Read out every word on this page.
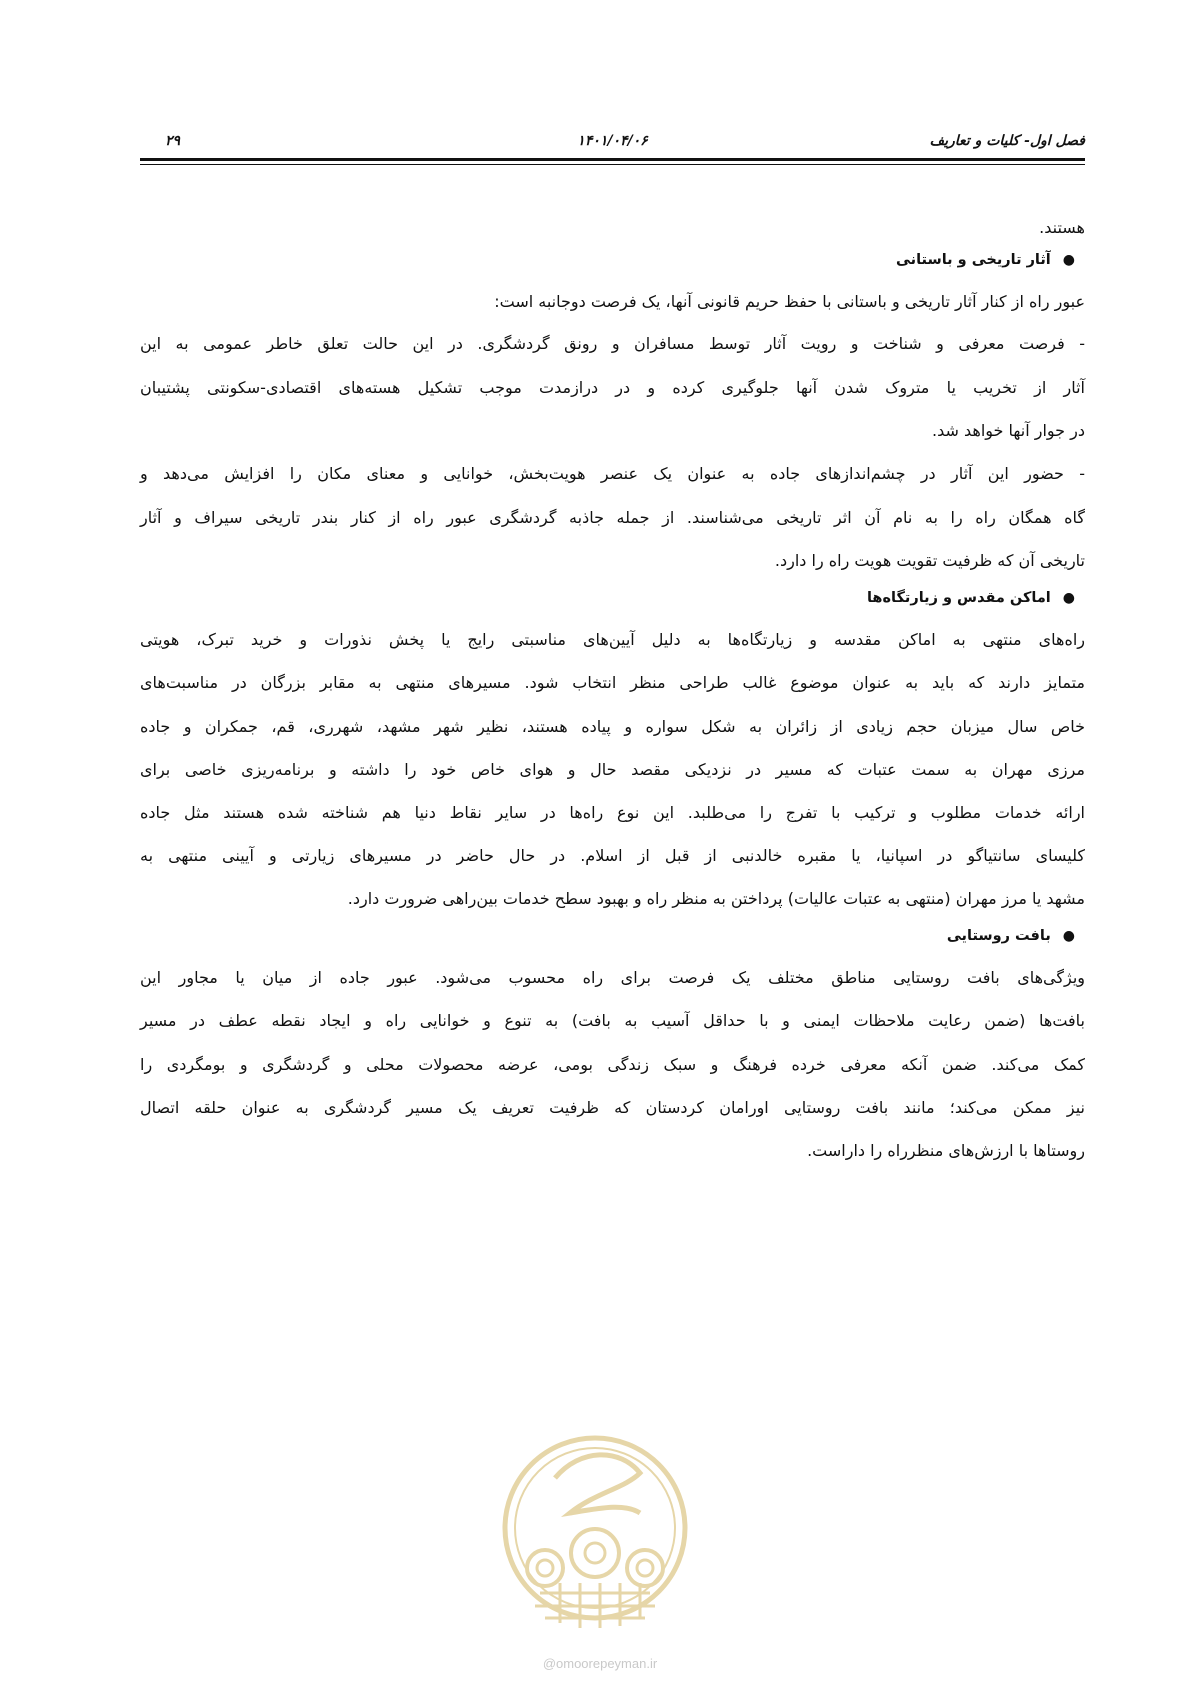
فصل اول- کلیات و تعاریف
۱۴۰۱/۰۴/۰۶
۲۹
هستند.
●آثار تاریخی و باستانی
عبور راه از کنار آثار تاریخی و باستانی با حفظ حریم قانونی آنها، یک فرصت دوجانبه است:
- فرصت معرفی و شناخت و رویت آثار توسط مسافران و رونق گردشگری. در این حالت تعلق خاطر عمومی به این
آثار از تخریب یا متروک شدن آنها جلوگیری کرده و در درازمدت موجب تشکیل هسته‌های اقتصادی-سکونتی پشتیبان
در جوار آنها خواهد شد.
- حضور این آثار در چشم‌اندازهای جاده به عنوان یک عنصر هویت‌بخش، خوانایی و معنای مکان را افزایش می‌دهد و
گاه همگان راه را به نام آن اثر تاریخی می‌شناسند. از جمله جاذبه گردشگری عبور راه از کنار بندر تاریخی سیراف و آثار
تاریخی آن که ظرفیت تقویت هویت راه را دارد.
●اماکن مقدس و زیارتگاه‌ها
راه‌های منتهی به اماکن مقدسه و زیارتگاه‌ها به دلیل آیین‌های مناسبتی رایج یا پخش نذورات و خرید تبرک، هویتی
متمایز دارند که باید به عنوان موضوع غالب طراحی منظر انتخاب شود. مسیرهای منتهی به مقابر بزرگان در مناسبت‌های
خاص سال میزبان حجم زیادی از زائران به شکل سواره و پیاده هستند، نظیر شهر مشهد، شهرری، قم، جمکران و جاده
مرزی مهران به سمت عتبات که مسیر در نزدیکی مقصد حال و هوای خاص خود را داشته و برنامه‌ریزی خاصی برای
ارائه خدمات مطلوب و ترکیب با تفرج را می‌طلبد. این نوع راه‌ها در سایر نقاط دنیا هم شناخته شده هستند مثل جاده
کلیسای سانتیاگو در اسپانیا، یا مقبره خالدنبی از قبل از اسلام. در حال حاضر در مسیرهای زیارتی و آیینی منتهی به
مشهد یا مرز مهران (منتهی به عتبات عالیات) پرداختن به منظر راه و بهبود سطح خدمات بین‌راهی ضرورت دارد.
●بافت روستایی
ویژگی‌های بافت روستایی مناطق مختلف یک فرصت برای راه محسوب می‌شود. عبور جاده از میان یا مجاور این
بافت‌ها (ضمن رعایت ملاحظات ایمنی و با حداقل آسیب به بافت) به تنوع و خوانایی راه و ایجاد نقطه عطف در مسیر
کمک می‌کند. ضمن آنکه معرفی خرده فرهنگ و سبک زندگی بومی، عرضه محصولات محلی و گردشگری و بومگردی را
نیز ممکن می‌کند؛ مانند بافت روستایی اورامان کردستان که ظرفیت تعریف یک مسیر گردشگری به عنوان حلقه اتصال
روستاها با ارزش‌های منظرراه را داراست.
@omoorepeyman.ir
